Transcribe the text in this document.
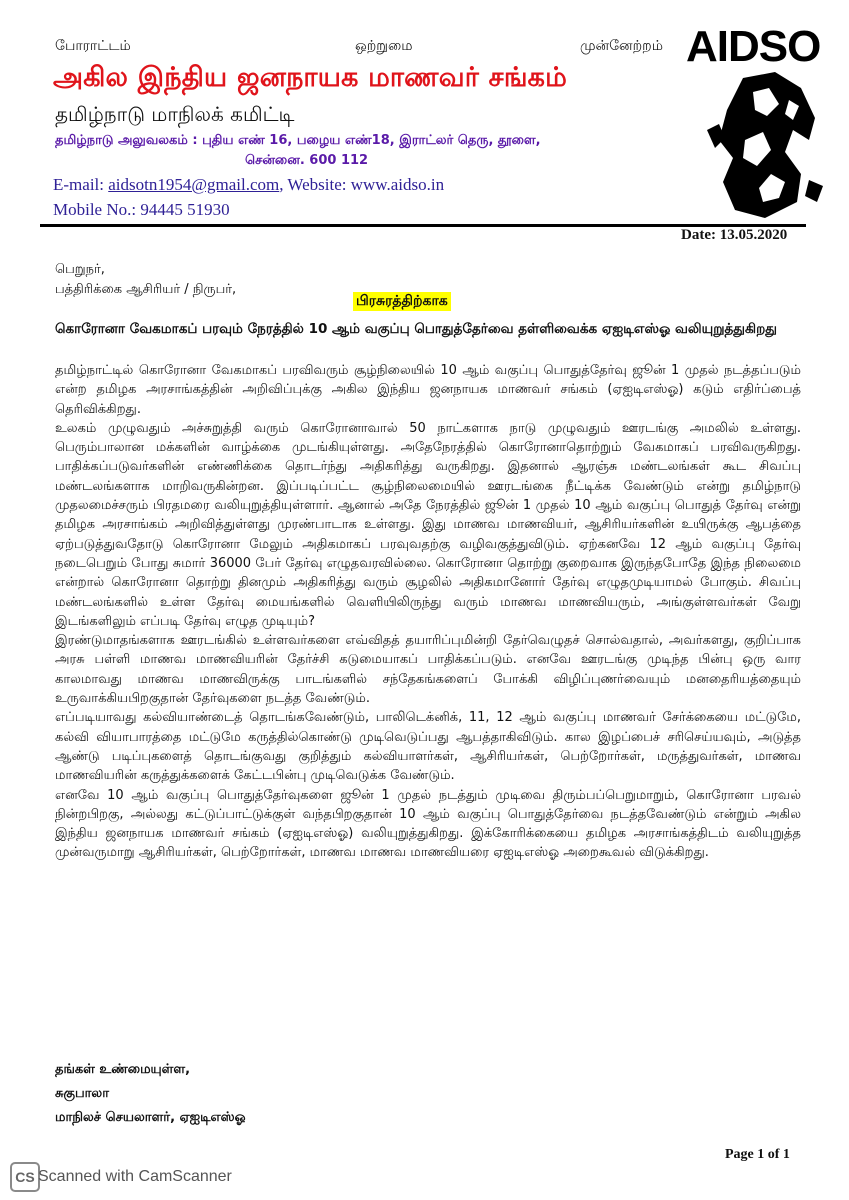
போராட்டம்	ஒற்றுமை	முன்னேற்றம்
அகில இந்திய ஜனநாயக மாணவர் சங்கம்
தமிழ்நாடு மாநிலக் கமிட்டி
தமிழ்நாடு அலுவலகம் : புதிய எண் 16, பழைய எண்18, இராட்லர் தெரு, தூளை,
சென்னை. 600 112
E-mail: aidsotn1954@gmail.com, Website: www.aidso.in
Mobile No.: 94445 51930
AIDSO
Date: 13.05.2020
பெறுநர்,
பத்திரிக்கை ஆசிரியர் / நிருபர்,
பிரசுரத்திற்காக
கொரோனா வேகமாகப் பரவும் நேரத்தில் 10 ஆம் வகுப்பு பொதுத்தேர்வை தள்ளிவைக்க ஏஐடிஎஸ்ஓ வலியுறுத்துகிறது

தமிழ்நாட்டில் கொரோனா வேகமாகப் பரவிவரும் சூழ்நிலையில் 10 ஆம் வகுப்பு பொதுத்தேர்வு ஜூன் 1 முதல் நடத்தப்படும் என்ற தமிழக அரசாங்கத்தின் அறிவிப்புக்கு அகில இந்திய ஜனநாயக மாணவர் சங்கம் (ஏஐடிஎஸ்ஓ) கடும் எதிர்ப்பைத் தெரிவிக்கிறது.

உலகம் முழுவதும் அச்சுறுத்தி வரும் கொரோனாவால் 50 நாட்களாக நாடு முழுவதும் ஊரடங்கு அமலில் உள்ளது. பெரும்பாலான மக்களின் வாழ்க்கை முடங்கியுள்ளது. அதேநேரத்தில் கொரோனாதொற்றும் வேகமாகப் பரவிவருகிறது. பாதிக்கப்படுவர்களின் எண்ணிக்கை தொடர்ந்து அதிகரித்து வருகிறது. இதனால் ஆரஞ்சு மண்டலங்கள் கூட சிவப்பு மண்டலங்களாக மாறிவருகின்றன. இப்படிப்பட்ட சூழ்நிலைமையில் ஊரடங்கை நீட்டிக்க வேண்டும் என்று தமிழ்நாடு முதலமைச்சரும் பிரதமரை வலியுறுத்தியுள்ளார். ஆனால் அதே நேரத்தில் ஜூன் 1 முதல் 10 ஆம் வகுப்பு பொதுத் தேர்வு என்று தமிழக அரசாங்கம் அறிவித்துள்ளது முரண்பாடாக உள்ளது. இது மாணவ மாணவியர், ஆசிரியர்களின் உயிருக்கு ஆபத்தை ஏற்படுத்துவதோடு கொரோனா மேலும் அதிகமாகப் பரவுவதற்கு வழிவகுத்துவிடும். ஏற்கனவே 12 ஆம் வகுப்பு தேர்வு நடைபெறும் போது சுமார் 36000 பேர் தேர்வு எழுதவரவில்லை. கொரோனா தொற்று குறைவாக இருந்தபோதே இந்த நிலைமை என்றால் கொரோனா தொற்று தினமும் அதிகரித்து வரும் சூழலில் அதிகமானோர் தேர்வு எழுதமுடியாமல் போகும். சிவப்பு மண்டலங்களில் உள்ள தேர்வு மையங்களில் வெளியிலிருந்து வரும் மாணவ மாணவியரும், அங்குள்ளவர்கள் வேறு இடங்களிலும் எப்படி தேர்வு எழுத முடியும்?

இரண்டுமாதங்களாக ஊரடங்கில் உள்ளவர்களை எவ்விதத் தயாரிப்புமின்றி தேர்வெழுதச் சொல்வதால், அவர்களது, குறிப்பாக அரசு பள்ளி மாணவ மாணவியரின் தேர்ச்சி கடுமையாகப் பாதிக்கப்படும். எனவே ஊரடங்கு முடிந்த பின்பு ஒரு வார காலமாவது மாணவ மாணவிருக்கு பாடங்களில் சந்தேகங்களைப் போக்கி விழிப்புணர்வையும் மனதைரியத்தையும் உருவாக்கியபிறகுதான் தேர்வுகளை நடத்த வேண்டும்.

எப்படியாவது கல்வியாண்டைத் தொடங்கவேண்டும், பாலிடெக்னிக், 11, 12 ஆம் வகுப்பு மாணவர் சேர்க்கையை மட்டுமே, கல்வி வியாபாரத்தை மட்டுமே கருத்தில்கொண்டு முடிவெடுப்பது ஆபத்தாகிவிடும். கால இழப்பைச் சரிசெய்யவும், அடுத்த ஆண்டு படிப்புகளைத் தொடங்குவது குறித்தும் கல்வியாளர்கள், ஆசிரியர்கள், பெற்றோர்கள், மருத்துவர்கள், மாணவ மாணவியரின் கருத்துக்களைக் கேட்டபின்பு முடிவெடுக்க வேண்டும்.

எனவே 10 ஆம் வகுப்பு பொதுத்தேர்வுகளை ஜூன் 1 முதல் நடத்தும் முடிவை திரும்பப்பெறுமாறும், கொரோனா பரவல் நின்றபிறகு, அல்லது கட்டுப்பாட்டுக்குள் வந்தபிறகுதான் 10 ஆம் வகுப்பு பொதுத்தேர்வை நடத்தவேண்டும் என்றும் அகில இந்திய ஜனநாயக மாணவர் சங்கம் (ஏஐடிஎஸ்ஓ) வலியுறுத்துகிறது. இக்கோரிக்கையை தமிழக அரசாங்கத்திடம் வலியுறுத்த முன்வருமாறு ஆசிரியர்கள், பெற்றோர்கள், மாணவ மாணவ மாணவியரை ஏஐடிஎஸ்ஓ அறைகூவல் விடுக்கிறது.

தங்கள் உண்மையுள்ள,
சுகுபாலா
மாநிலச் செயலாளர், ஏஐடிஎஸ்ஓ
Page 1 of 1
CS Scanned with CamScanner
